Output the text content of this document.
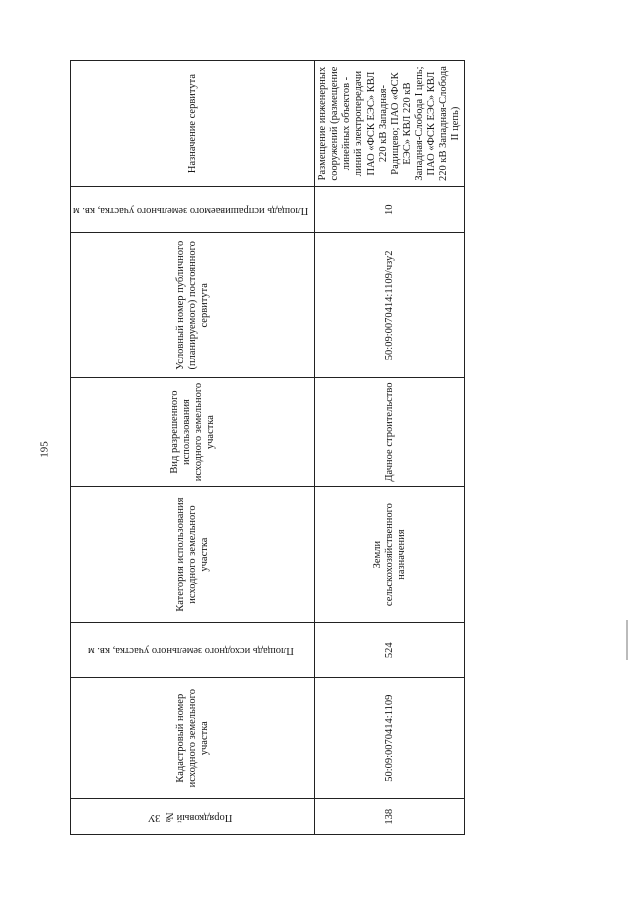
195
Порядковый № ЗУ	Кадастровый номер исходного земельного участка	Площадь исходного земельного участка, кв. м	Категория использования исходного земельного участка	Вид разрешенного использования исходного земельного участка	Условный номер публичного (планируемого) постоянного сервитута	Площадь испрашиваемого земельного участка, кв. м	Назначение сервитута
138	50:09:0070414:1109	524	Земли сельскохозяйственного назначения	Дачное строительство	50:09:0070414:1109/чзу2	10	Размещение инженерных сооружений (размещение линейных объектов - линий электропередачи ПАО «ФСК ЕЭС» КВЛ 220 кВ Западная-Радищево; ПАО «ФСК ЕЭС» КВЛ 220 кВ Западная-Слобода I цепь; ПАО «ФСК ЕЭС» КВЛ 220 кВ Западная-Слобода II цепь)
